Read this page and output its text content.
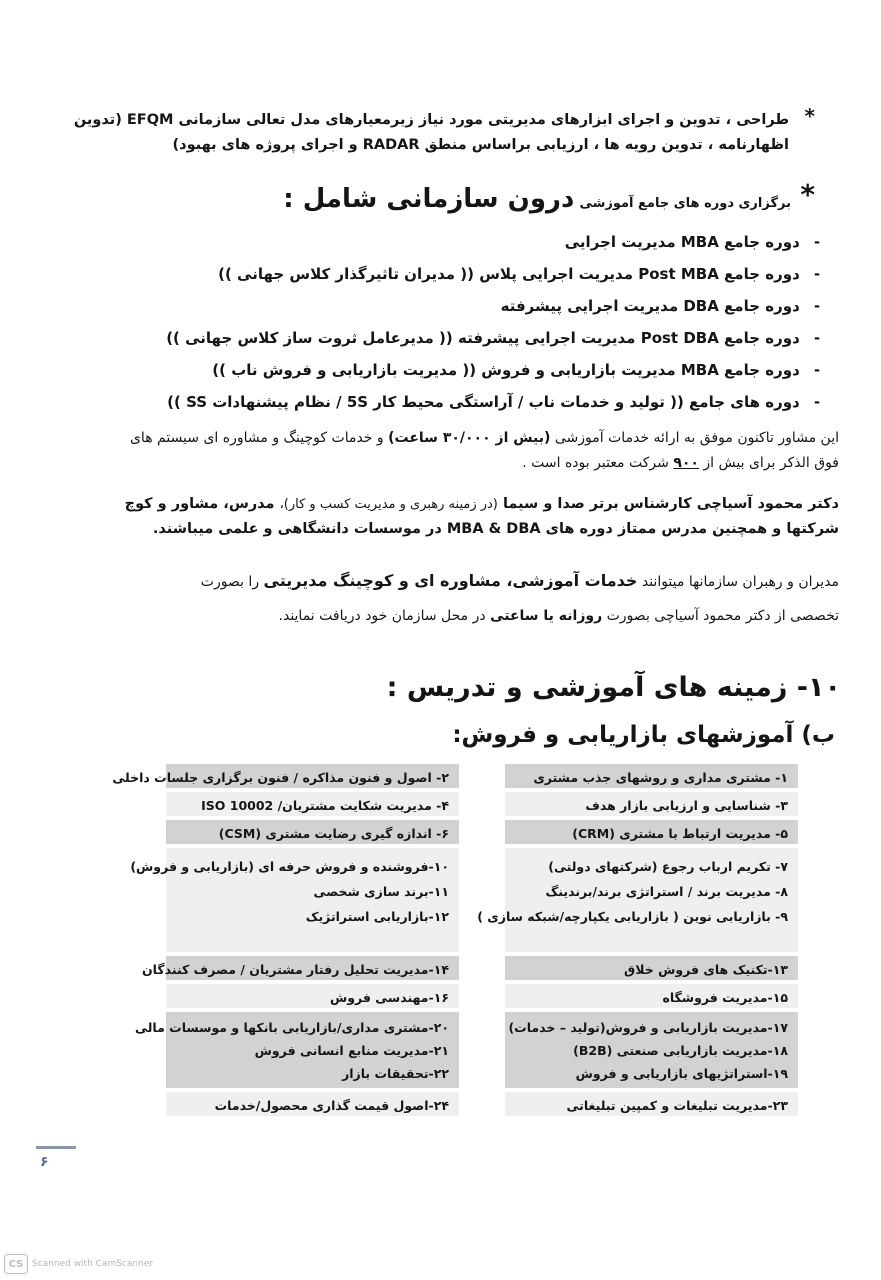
*
طراحی ، تدوین و اجرای ابزارهای مدیریتی مورد نیاز زیرمعیارهای مدل تعالی سازمانی EFQM (تدوین
اظهارنامه ، تدوین رویه ها ، ارزیابی براساس منطق RADAR و اجرای پروژه های بهبود)
*
برگزاری دوره های جامع آموزشی درون سازمانی شامل :
- دوره جامع MBA مدیریت اجرایی
- دوره جامع Post MBA مدیریت اجرایی پلاس (( مدیران تاثیرگذار کلاس جهانی ))
- دوره جامع DBA مدیریت اجرایی پیشرفته
- دوره جامع Post DBA مدیریت اجرایی پیشرفته (( مدیرعامل ثروت ساز کلاس جهانی ))
- دوره جامع MBA مدیریت بازاریابی و فروش (( مدیریت بازاریابی و فروش ناب ))
- دوره های جامع (( تولید و خدمات ناب / آراستگی محیط کار 5S / نظام پیشنهادات SS ))
این مشاور تاکنون موفق به ارائه خدمات آموزشی (بیش از ۳۰/۰۰۰ ساعت) و خدمات کوچینگ و مشاوره ای سیستم های
فوق الذکر برای بیش از ۹۰۰ شرکت معتبر بوده است .
دکتر محمود آسیاچی کارشناس برتر صدا و سیما (در زمینه رهبری و مدیریت کسب و کار)، مدرس، مشاور و کوچ
شرکتها و همچنین مدرس ممتاز دوره های MBA & DBA در موسسات دانشگاهی و علمی میباشند.
مدیران و رهبران سازمانها میتوانند خدمات آموزشی، مشاوره ای و کوچینگ مدیریتی را بصورت
تخصصی از دکتر محمود آسیاچی بصورت روزانه یا ساعتی در محل سازمان خود دریافت نمایند.
۱۰- زمینه های آموزشی و تدریس :
ب) آموزشهای بازاریابی و فروش:
۱- مشتری مداری و روشهای جذب مشتری
۲- اصول و فنون مذاکره / فنون برگزاری جلسات داخلی
۳- شناسایی و ارزیابی بازار هدف
۴- مدیریت شکایت مشتریان/ ISO 10002
۵- مدیریت ارتباط با مشتری (CRM)
۶- اندازه گیری رضایت مشتری (CSM)
۷- تکریم ارباب رجوع (شرکتهای دولتی)
۸- مدیریت برند / استراتژی برند/برندینگ
۹- بازاریابی نوین ( بازاریابی یکپارچه/شبکه سازی )
۱۰-فروشنده و فروش حرفه ای (بازاریابی و فروش)
۱۱-برند سازی شخصی
۱۲-بازاریابی استراتژیک
۱۳-تکنیک های فروش خلاق
۱۴-مدیریت تحلیل رفتار مشتریان / مصرف کنندگان
۱۵-مدیریت فروشگاه
۱۶-مهندسی فروش
۱۷-مدیریت بازاریابی و فروش(تولید – خدمات)
۱۸-مدیریت بازاریابی صنعتی (B2B)
۱۹-استراتژیهای بازاریابی و فروش
۲۰-مشتری مداری/بازاریابی بانکها و موسسات مالی
۲۱-مدیریت منابع انسانی فروش
۲۲-تحقیقات بازار
۲۳-مدیریت تبلیغات و کمپین تبلیغاتی
۲۴-اصول قیمت گذاری محصول/خدمات
۶
CS Scanned with CamScanner
